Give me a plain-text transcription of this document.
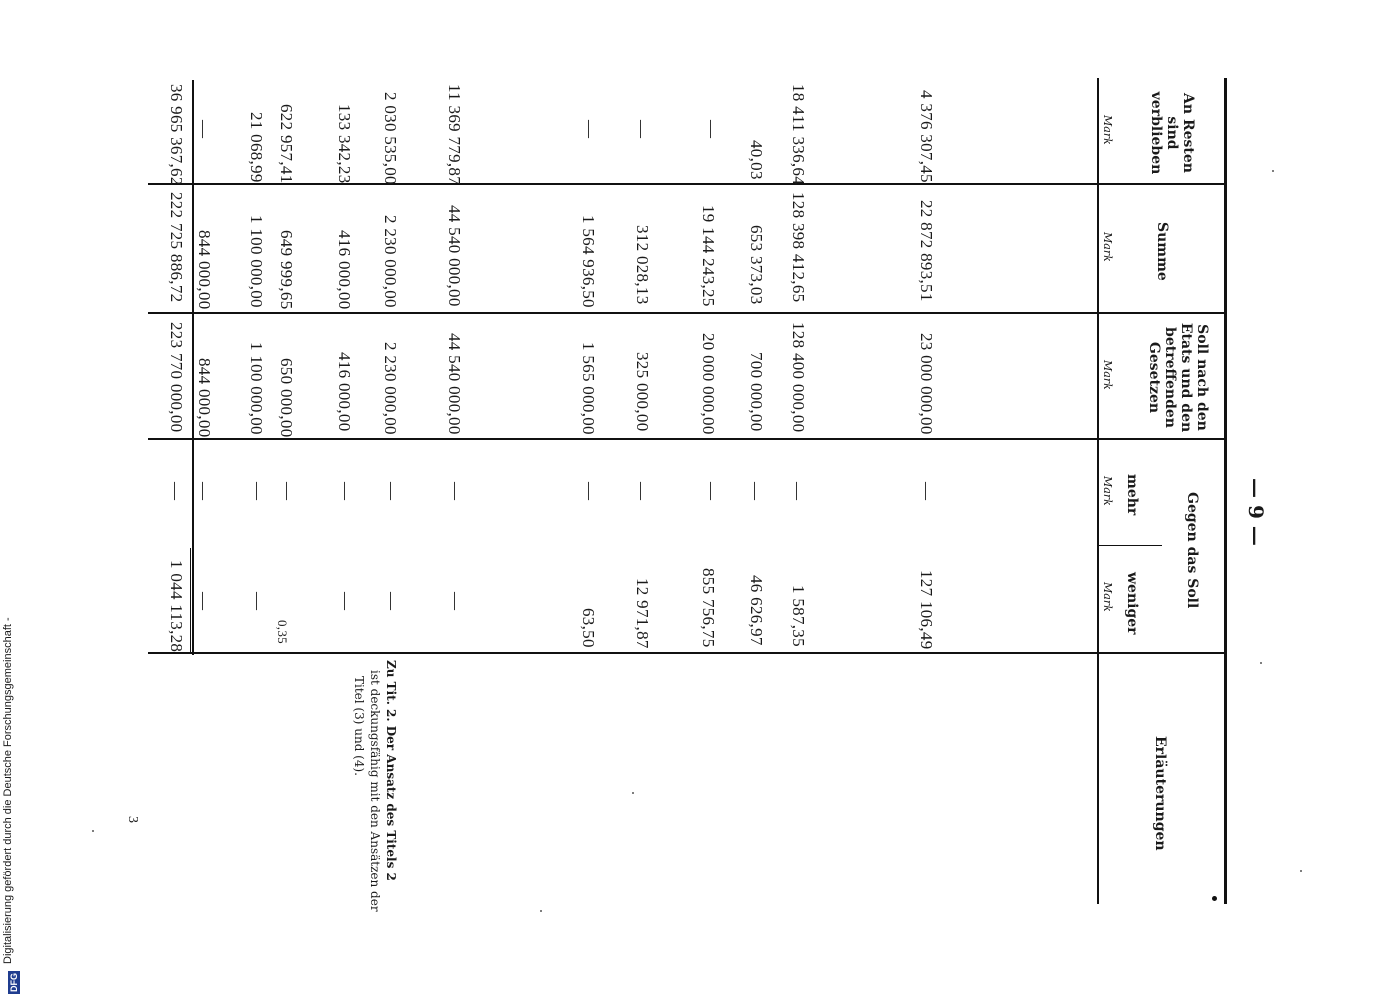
— 9 —
An Resten sind verblieben
Mark
Summe
Mark
Soll nach den Etats und den betreffenden Gesetzen
Mark
Gegen das Soll
mehr
Mark
weniger
Mark
Erläuterungen
4 376 307,45
22 872 893,51
23 000 000,00
—
127 106,49
18 411 336,64
128 398 412,65
128 400 000,00
—
1 587,35
40,03
653 373,03
700 000,00
—
46 626,97
—
19 144 243,25
20 000 000,00
—
855 756,75
—
312 028,13
325 000,00
—
12 971,87
—
1 564 936,50
1 565 000,00
—
63,50
11 369 779,87
44 540 000,00
44 540 000,00
—
—
2 030 535,00
2 230 000,00
2 230 000,00
—
—
133 342,23
416 000,00
416 000,00
—
—
622 957,41
649 999,65
650 000,00
—
0,35
21 068,99
1 100 000,00
1 100 000,00
—
—
—
844 000,00
844 000,00
—
—
36 965 367,62
222 725 886,72
223 770 000,00
—
1 044 113,28
Zu Tit. 2. Der Ansatz des Titels 2
ist deckungsfähig mit den Ansätzen der
Titel (3) und (4).
3
Digitalisierung gefördert durch die Deutsche Forschungsgemeinschaft -
DFG
